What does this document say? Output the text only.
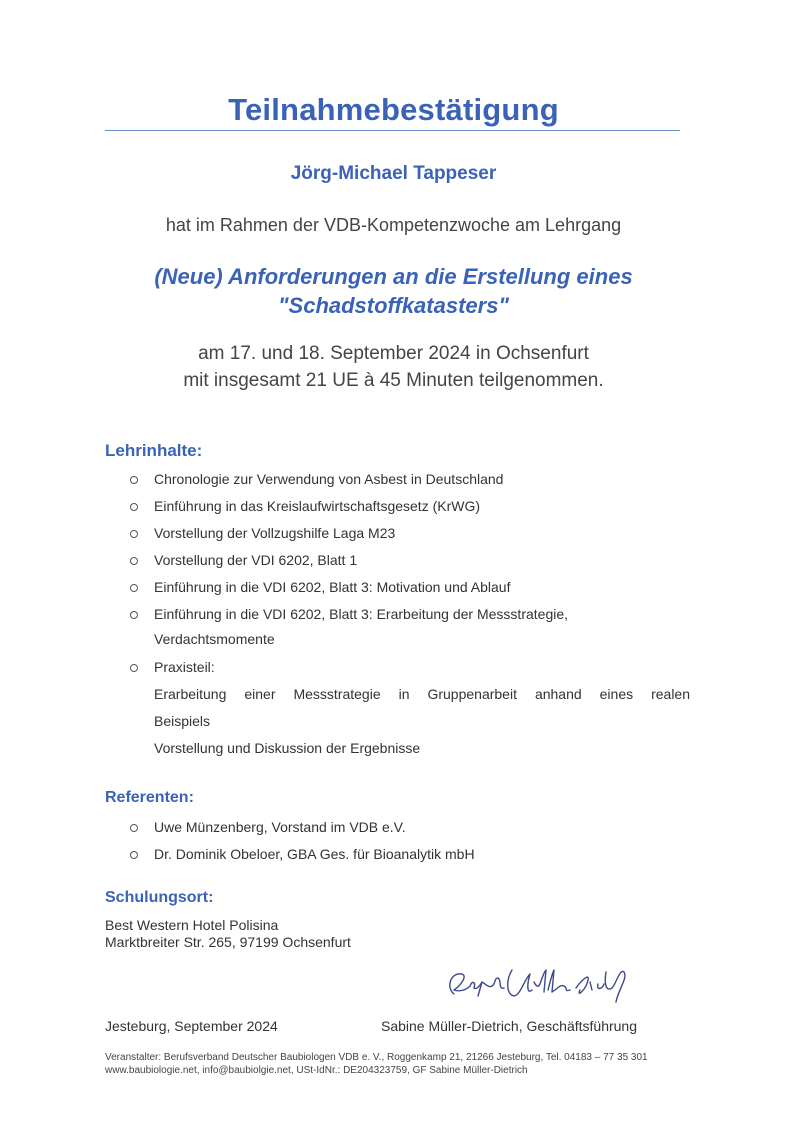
Teilnahmebestätigung
Jörg-Michael Tappeser
hat im Rahmen der VDB-Kompetenzwoche am Lehrgang
(Neue) Anforderungen an die Erstellung eines
"Schadstoffkatasters"
am 17. und 18. September 2024 in Ochsenfurt
mit insgesamt 21 UE à 45 Minuten teilgenommen.
Lehrinhalte:
Chronologie zur Verwendung von Asbest in Deutschland
Einführung in das Kreislaufwirtschaftsgesetz (KrWG)
Vorstellung der Vollzugshilfe Laga M23
Vorstellung der VDI 6202, Blatt 1
Einführung in die VDI 6202, Blatt 3: Motivation und Ablauf
Einführung in die VDI 6202, Blatt 3: Erarbeitung der Messstrategie,
Verdachtsmomente
Praxisteil:
Erarbeitung einer Messstrategie in Gruppenarbeit anhand eines realen
Beispiels
Vorstellung und Diskussion der Ergebnisse
Referenten:
Uwe Münzenberg, Vorstand im VDB e.V.
Dr. Dominik Obeloer, GBA Ges. für Bioanalytik mbH
Schulungsort:
Best Western Hotel Polisina
Marktbreiter Str. 265, 97199 Ochsenfurt
Jesteburg, September 2024	Sabine Müller-Dietrich, Geschäftsführung
Veranstalter: Berufsverband Deutscher Baubiologen VDB e. V., Roggenkamp 21, 21266 Jesteburg, Tel. 04183 – 77 35 301
www.baubiologie.net, info@baubiolgie.net, USt-IdNr.: DE204323759, GF Sabine Müller-Dietrich
